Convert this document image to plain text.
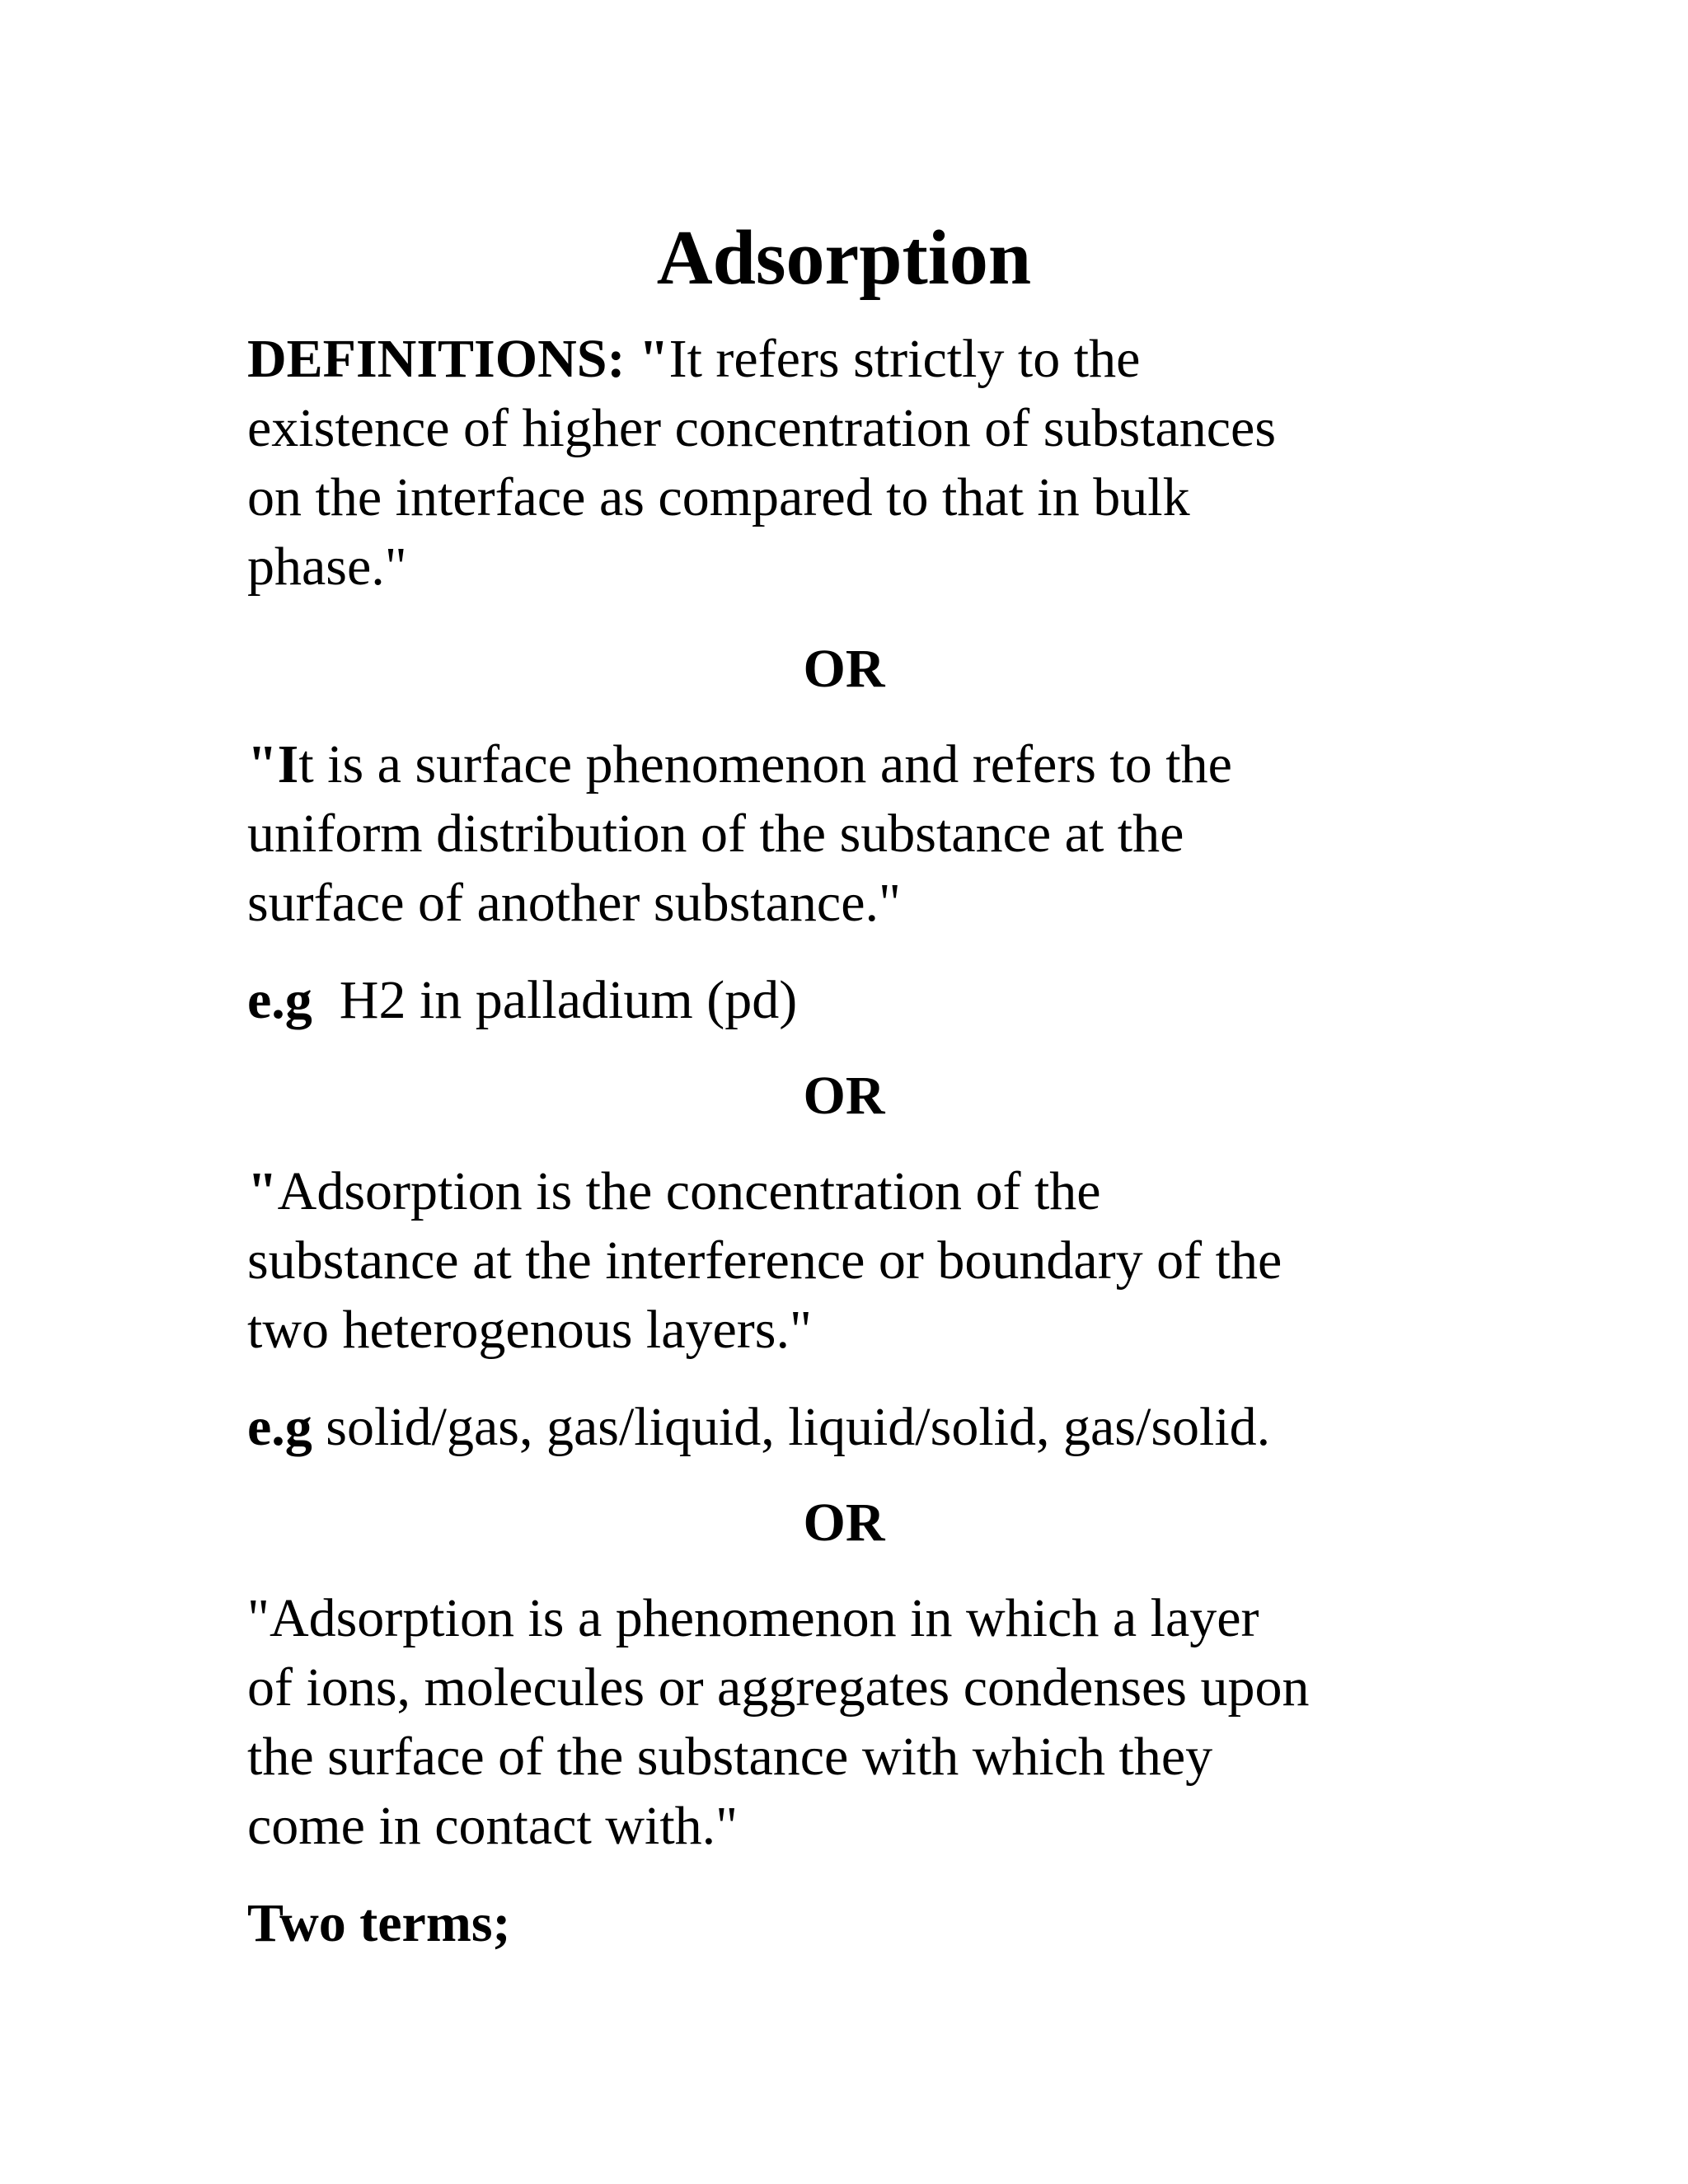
Adsorption
DEFINITIONS: "It refers strictly to the
existence of higher concentration of substances
on the interface as compared to that in bulk
phase."

OR

"It is a surface phenomenon and refers to the
uniform distribution of the substance at the
surface of another substance."
e.g  H2 in palladium (pd)

OR

"Adsorption is the concentration of the
substance at the interference or boundary of the
two heterogenous layers."
e.g solid/gas, gas/liquid, liquid/solid, gas/solid.

OR

"Adsorption is a phenomenon in which a layer
of ions, molecules or aggregates condenses upon
the surface of the substance with which they
come in contact with."
Two terms;
